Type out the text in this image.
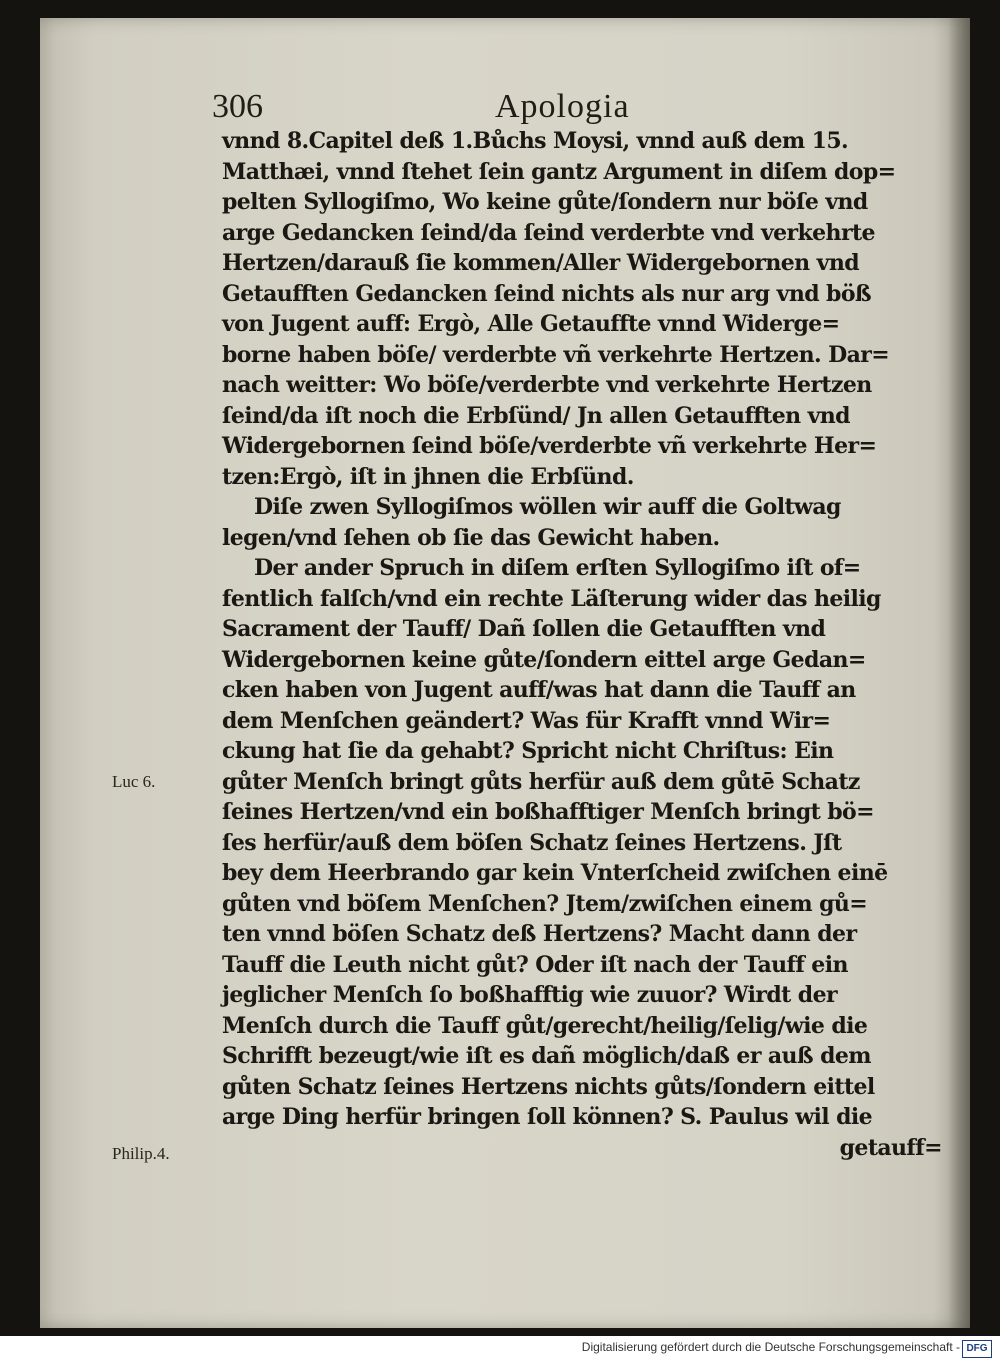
306	Apologia
vnnd 8.Capitel deß 1.Bůchs Moysi, vnnd auß dem 15.
Matthæi, vnnd ſtehet ſein gantz Argument in diſem dop=
pelten Syllogiſmo, Wo keine gůte/ſondern nur böſe vnd
arge Gedancken ſeind/da ſeind verderbte vnd verkehrte
Hertzen/darauß ſie kommen/Aller Widergebornen vnd
Getaufften Gedancken ſeind nichts als nur arg vnd böß
von Jugent auff: Ergò, Alle Getauffte vnnd Widerge=
borne haben böſe/ verderbte vñ verkehrte Hertzen. Dar=
nach weitter: Wo böſe/verderbte vnd verkehrte Hertzen
ſeind/da iſt noch die Erbſünd/ Jn allen Getaufften vnd
Widergebornen ſeind böſe/verderbte vñ verkehrte Her=
tzen:Ergò, iſt in jhnen die Erbſünd.
Diſe zwen Syllogiſmos wöllen wir auff die Goltwag
legen/vnd ſehen ob ſie das Gewicht haben.
Der ander Spruch in diſem erſten Syllogiſmo iſt of=
fentlich falſch/vnd ein rechte Läſterung wider das heilig
Sacrament der Tauff/ Dañ ſollen die Getaufften vnd
Widergebornen keine gůte/ſondern eittel arge Gedan=
cken haben von Jugent auff/was hat dann die Tauff an
dem Menſchen geändert? Was für Krafft vnnd Wir=
ckung hat ſie da gehabt? Spricht nicht Chriſtus: Ein
gůter Menſch bringt gůts herfür auß dem gůtē Schatz
ſeines Hertzen/vnd ein boßhafftiger Menſch bringt bö=
ſes herfür/auß dem böſen Schatz ſeines Hertzens. Jſt
bey dem Heerbrando gar kein Vnterſcheid zwiſchen einē
gůten vnd böſem Menſchen? Jtem/zwiſchen einem gů=
ten vnnd böſen Schatz deß Hertzens? Macht dann der
Tauff die Leuth nicht gůt? Oder iſt nach der Tauff ein
jeglicher Menſch ſo boßhafftig wie zuuor? Wirdt der
Menſch durch die Tauff gůt/gerecht/heilig/ſelig/wie die
Schrifft bezeugt/wie iſt es dañ möglich/daß er auß dem
gůten Schatz ſeines Hertzens nichts gůts/ſondern eittel
arge Ding herfür bringen ſoll können? S. Paulus wil die
getauff=
Luc 6.
Philip.4.
Digitalisierung gefördert durch die Deutsche Forschungsgemeinschaft - DFG
